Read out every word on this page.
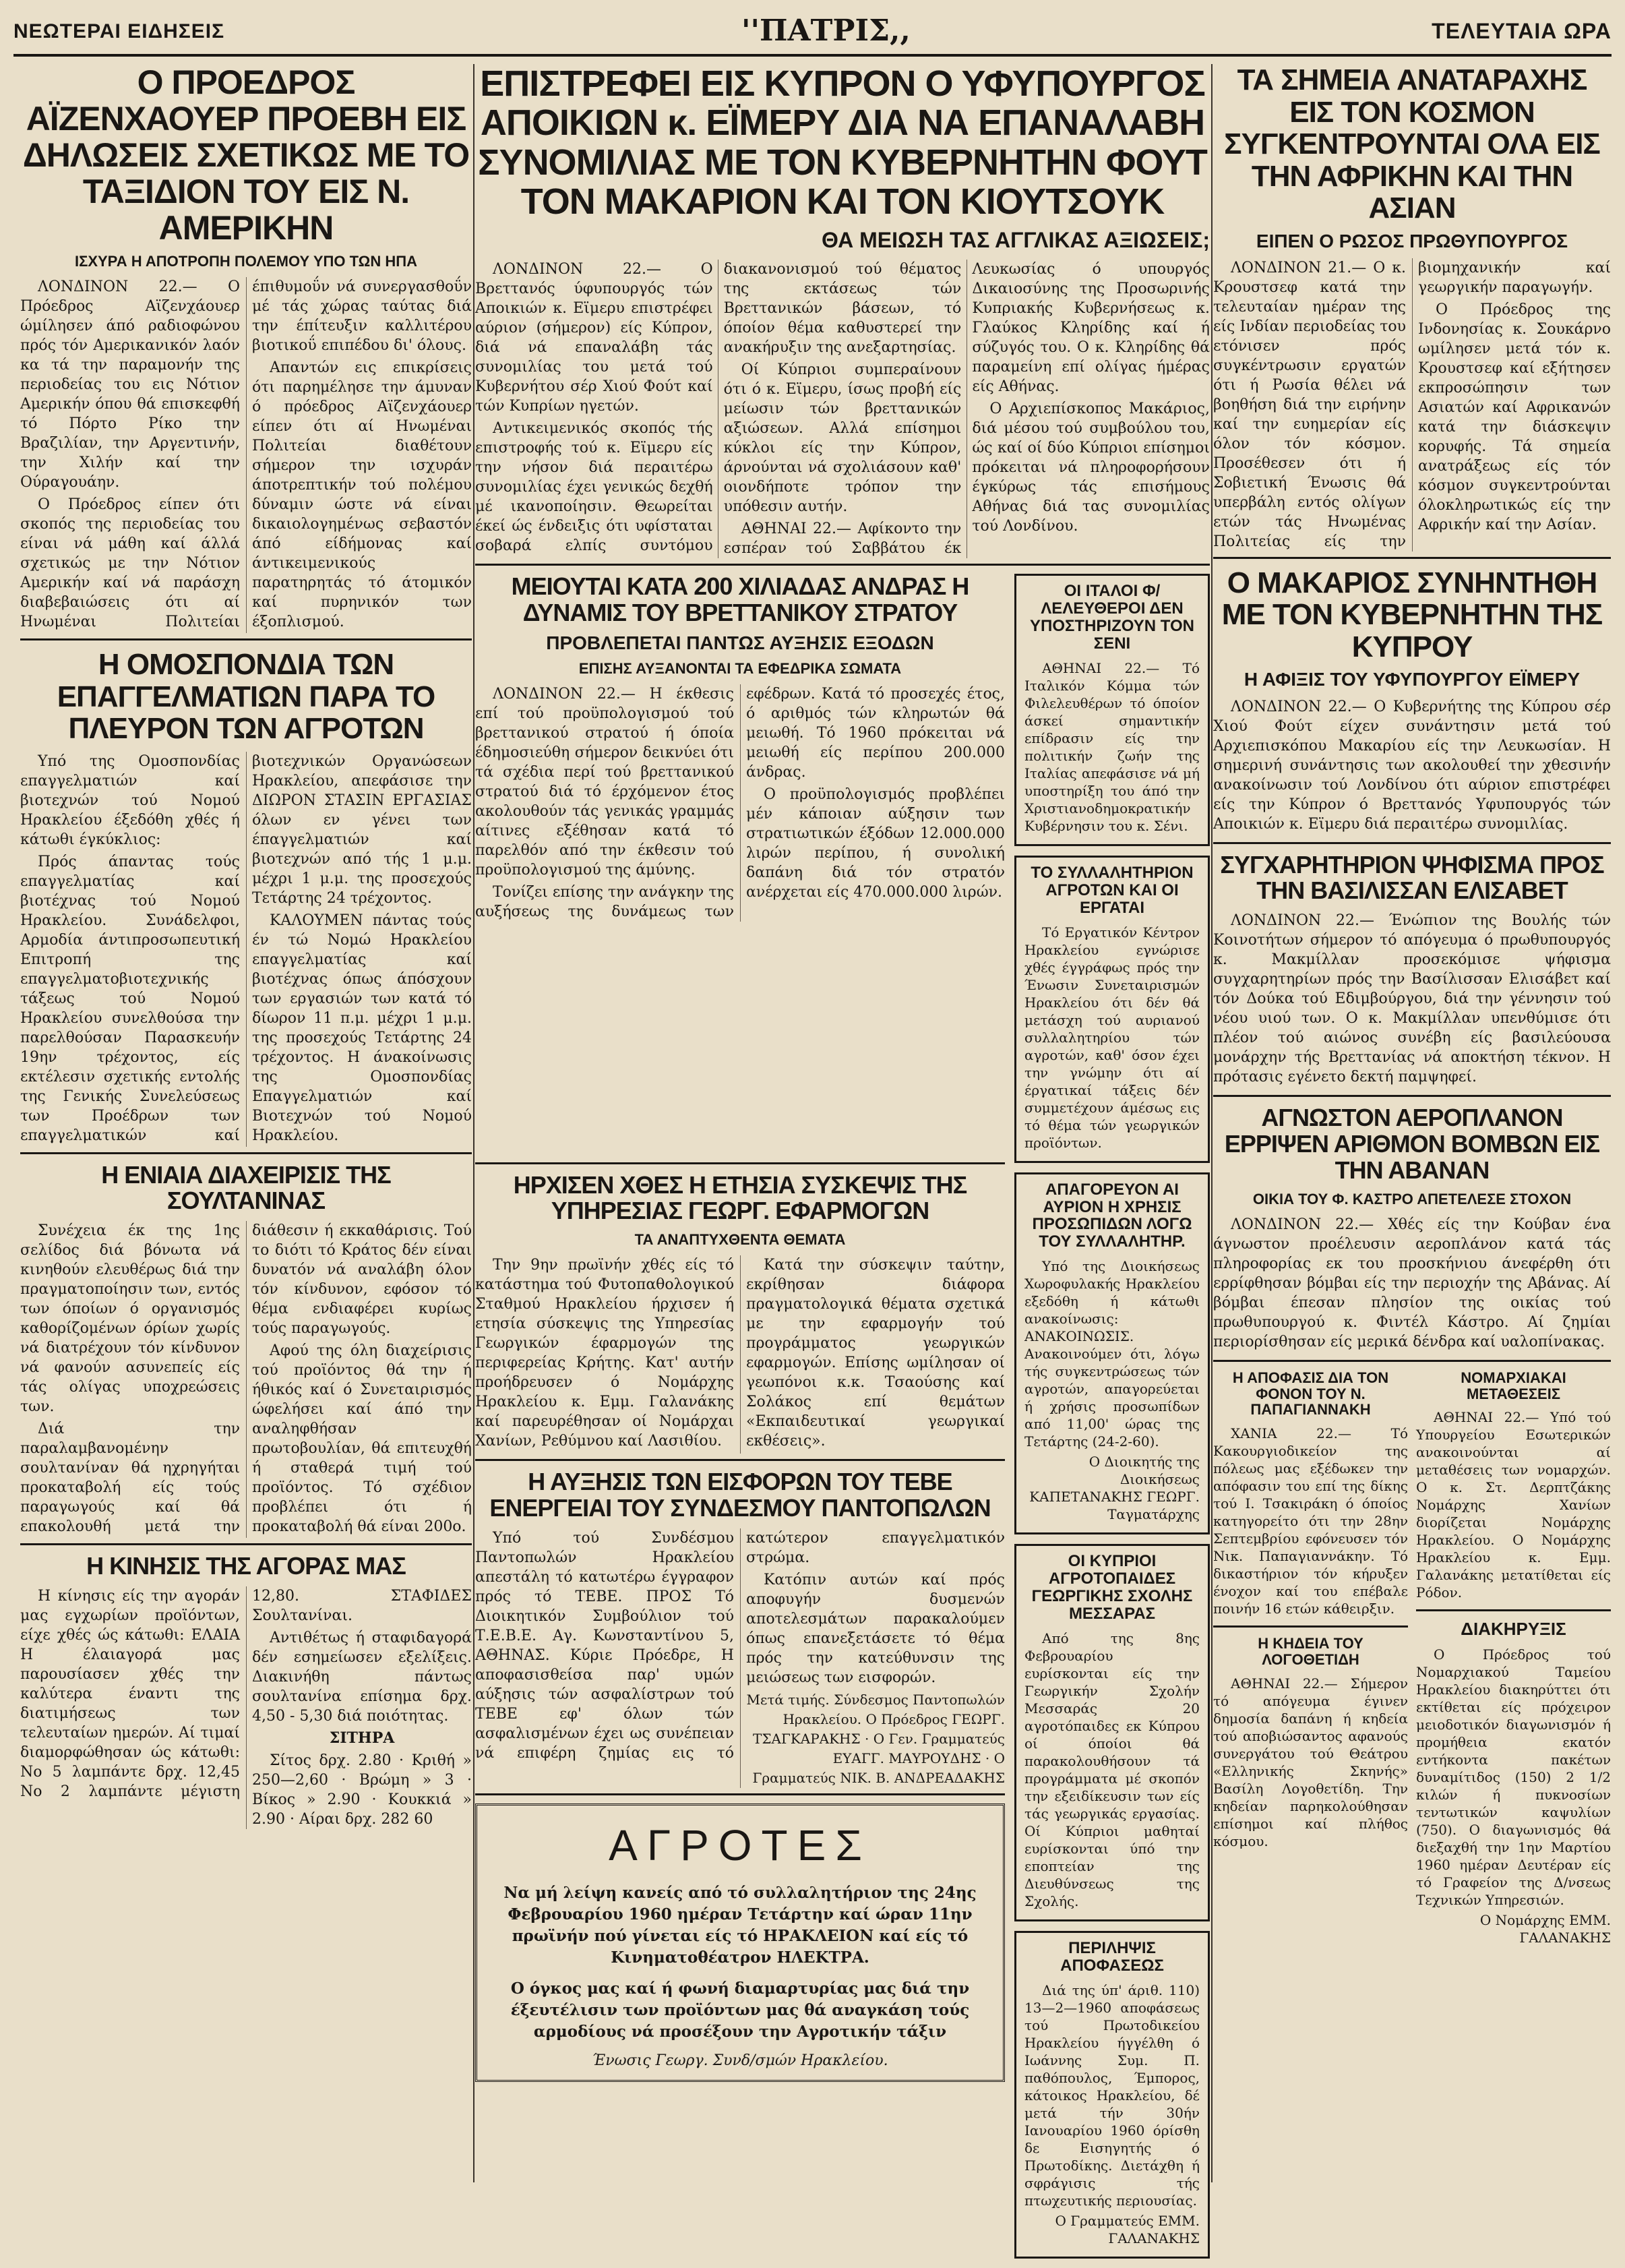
ΝΕΩΤΕΡΑΙ ΕΙΔΗΣΕΙΣ	''ΠΑΤΡΙΣ,,	ΤΕΛΕΥΤΑΙΑ ΩΡΑ
Ο ΠΡΟΕΔΡΟΣ ΑΪΖΕΝΧΑΟΥΕΡ ΠΡΟΕΒΗ ΕΙΣ ΔΗΛΩΣΕΙΣ ΣΧΕΤΙΚΩΣ ΜΕ ΤΟ ΤΑΞΙΔΙΟΝ ΤΟΥ ΕΙΣ Ν. ΑΜΕΡΙΚΗΝ
ΙΣΧΥΡΑ Η ΑΠΟΤΡΟΠΗ ΠΟΛΕΜΟΥ ΥΠΟ ΤΩΝ ΗΠΑ

ΛΟΝΔΙΝΟΝ 22.— Ο Πρόεδρος Αϊζενχάουερ ώμίλησεν άπό ραδιοφώνου πρός τόν Αμερικανικόν λαόν κα τά την παραμονήν της περιοδείας του εις Νότιον Αμερικήν όπου θά επισκεφθή τό Πόρτο Ρίκο την Βραζιλίαν, την Αργεντινήν, την Χιλήν καί την Ούραγουάην.

Ο Πρόεδρος είπεν ότι σκοπός της περιοδείας του είναι νά μάθη καί άλλά σχετικώς με την Νότιον Αμερικήν καί νά παράσχη διαβεβαιώσεις ότι αί Ηνωμέναι Πολιτείαι έπιθυμοΰν νά συνεργασθοΰν μέ τάς χώρας ταύτας διά την έπίτευξιν καλλιτέρου βιοτικοΰ επιπέδου δι' όλους.

Απαντών εις επικρίσεις ότι παρημέλησε την άμυναν ό πρόεδρος Αϊζενχάουερ είπεν ότι αί Ηνωμέναι Πολιτείαι διαθέτουν σήμερον την ισχυράν άποτρεπτικήν τού πολέμου δύναμιν ώστε νά είναι δικαιολογημένως σεβαστόν άπό είδήμονας καί άντικειμενικούς παρατηρητάς τό άτομικόν καί πυρηνικόν των έξοπλισμού.

Η ΟΜΟΣΠΟΝΔΙΑ ΤΩΝ ΕΠΑΓΓΕΛΜΑΤΙΩΝ ΠΑΡΑ ΤΟ ΠΛΕΥΡΟΝ ΤΩΝ ΑΓΡΟΤΩΝ

Υπό της Ομοσπονδίας επαγγελματιών καί βιοτεχνών τού Νομού Ηρακλείου έξεδόθη χθές ή κάτωθι έγκύκλιος:

Πρός άπαντας τούς επαγγελματίας καί βιοτέχνας τού Νομού Ηρακλείου. Συνάδελφοι, Αρμοδία άντιπροσωπευτική Επιτροπή της επαγγελματοβιοτεχνικής τάξεως τού Νομού Ηρακλείου συνελθούσα την παρελθούσαν Παρασκευήν 19ην τρέχοντος, είς εκτέλεσιν σχετικής εντολής της Γενικής Συνελεύσεως των Προέδρων των επαγγελματικών καί βιοτεχνικών Οργανώσεων Ηρακλείου, απεφάσισε την ΔΙΩΡΟΝ ΣΤΑΣΙΝ ΕΡΓΑΣΙΑΣ όλων εν γένει των έπαγγελματιών καί βιοτεχνών από τής 1 μ.μ. μέχρι 1 μ.μ. της προσεχούς Τετάρτης 24 τρέχοντος.

ΚΑΛΟΥΜΕΝ πάντας τούς έν τώ Νομώ Ηρακλείου επαγγελματίας καί βιοτέχνας όπως άπόσχουν των εργασιών των κατά τό δίωρον 11 π.μ. μέχρι 1 μ.μ. της προσεχούς Τετάρτης 24 τρέχοντος. Η άνακοίνωσις της Ομοσπονδίας Επαγγελματιών καί Βιοτεχνών τού Νομού Ηρακλείου.

Η ΕΝΙΑΙΑ ΔΙΑΧΕΙΡΙΣΙΣ ΤΗΣ ΣΟΥΛΤΑΝΙΝΑΣ

Συνέχεια έκ της 1ης σελίδος διά βόνωτα νά κινηθούν ελευθέρως διά την πραγματοποίησιν των, εντός των όποίων ό οργανισμός καθορίζομένων όρίων χωρίς νά διατρέχουν τόν κίνδυνον νά φανούν ασυνεπείς είς τάς ολίγας υποχρεώσεις των.

Διά την παραλαμβανομένην σουλτανίναν θά ηχρηγήται προκαταβολή είς τούς παραγωγούς καί θά επακολουθή μετά την διάθεσιν ή εκκαθάρισις. Τού το διότι τό Κράτος δέν είναι δυνατόν νά αναλάβη όλον τόν κίνδυνον, εφόσον τό θέμα ενδιαφέρει κυρίως τούς παραγωγούς.

Αφού της όλη διαχείρισις τού προϊόντος θά την ή ήθικός καί ό Συνεταιρισμός ώφελήσει καί άπό την αναληφθήσαν πρωτοβουλίαν, θά επιτευχθή ή σταθερά τιμή τού προϊόντος. Τό σχέδιον προβλέπει ότι ή προκαταβολή θά είναι 200ο.

Η ΚΙΝΗΣΙΣ ΤΗΣ ΑΓΟΡΑΣ ΜΑΣ

Η κίνησις είς την αγοράν μας εγχωρίων προϊόντων, είχε χθές ώς κάτωθι: ΕΛΑΙΑ Η έλαιαγορά μας παρουσίασεν χθές την καλύτερα έναντι της διατιμήσεως των τελευταίων ημερών. Αί τιμαί διαμορφώθησαν ώς κάτωθι: Νο 5 λαμπάντε δρχ. 12,45 Νο 2 λαμπάντε μέγιστη 12,80. ΣΤΑΦΙΔΕΣ Σουλτανίναι.

Αντιθέτως ή σταφιδαγορά δέν εσημείωσεν εξελίξεις. Διακινήθη πάντως σουλτανίνα επίσημα δρχ. 4,50 - 5,30 διά ποιότητας.

ΣΙΤΗΡΑ

Σίτος δρχ. 2.80 · Κριθή » 250—2,60 · Βρώμη » 3 · Βίκος » 2.90 · Κουκκιά » 2.90 · Αίραι δρχ. 282 60

ΕΠΙΣΤΡΕΦΕΙ ΕΙΣ ΚΥΠΡΟΝ Ο ΥΦΥΠΟΥΡΓΟΣ ΑΠΟΙΚΙΩΝ κ. ΕΪΜΕΡΥ ΔΙΑ ΝΑ ΕΠΑΝΑΛΑΒΗ ΣΥΝΟΜΙΛΙΑΣ ΜΕ ΤΟΝ ΚΥΒΕΡΝΗΤΗΝ ΦΟΥΤ ΤΟΝ ΜΑΚΑΡΙΟΝ ΚΑΙ ΤΟΝ ΚΙΟΥΤΣΟΥΚ
ΘΑ ΜΕΙΩΣΗ ΤΑΣ ΑΓΓΛΙΚΑΣ ΑΞΙΩΣΕΙΣ;

ΛΟΝΔΙΝΟΝ 22.— Ο Βρεττανός ύφυπουργός τών Αποικιών κ. Εϊμερυ επιστρέφει αύριον (σήμερον) είς Κύπρον, διά νά επαναλάβη τάς συνομιλίας του μετά τού Κυβερνήτου σέρ Χιού Φούτ καί τών Κυπρίων ηγετών.

Αντικειμενικός σκοπός τής επιστροφής τού κ. Εϊμερυ είς την νήσον διά περαιτέρω συνομιλίας έχει γενικώς δεχθή μέ ικανοποίησιν. Θεωρείται έκεί ώς ένδειξις ότι υφίσταται σοβαρά ελπίς συντόμου διακανονισμού τού θέματος της εκτάσεως τών Βρεττανικών βάσεων, τό όποίον θέμα καθυστερεί την ανακήρυξιν της ανεξαρτησίας.

Οί Κύπριοι συμπεραίνουν ότι ό κ. Εϊμερυ, ίσως προβή είς μείωσιν τών βρεττανικών αξιώσεων. Αλλά επίσημοι κύκλοι είς την Κύπρον, άρνούνται νά σχολιάσουν καθ' οιονδήποτε τρόπον την υπόθεσιν αυτήν.

ΑΘΗΝΑΙ 22.— Αφίκοντο την εσπέραν τού Σαββάτου έκ Λευκωσίας ό υπουργός Δικαιοσύνης της Προσωρινής Κυπριακής Κυβερνήσεως κ. Γλαύκος Κληρίδης καί ή σύζυγός του. Ο κ. Κληρίδης θά παραμείνη επί ολίγας ήμέρας είς Αθήνας.

Ο Αρχιεπίσκοπος Μακάριος, διά μέσου τού συμβούλου του, ώς καί οί δύο Κύπριοι επίσημοι πρόκειται νά πληροφορήσουν έγκύρως τάς επισήμους Αθήνας διά τας συνομιλίας τού Λονδίνου.

ΜΕΙΟΥΤΑΙ ΚΑΤΑ 200 ΧΙΛΙΑΔΑΣ ΑΝΔΡΑΣ Η ΔΥΝΑΜΙΣ ΤΟΥ ΒΡΕΤΤΑΝΙΚΟΥ ΣΤΡΑΤΟΥ
ΠΡΟΒΛΕΠΕΤΑΙ ΠΑΝΤΩΣ ΑΥΞΗΣΙΣ ΕΞΟΔΩΝ
ΕΠΙΣΗΣ ΑΥΞΑΝΟΝΤΑΙ ΤΑ ΕΦΕΔΡΙΚΑ ΣΩΜΑΤΑ

ΛΟΝΔΙΝΟΝ 22.— Η έκθεσις επί τού προϋπολογισμού τού βρεττανικού στρατού ή όποία έδημοσιεύθη σήμερον δεικνύει ότι τά σχέδια περί τού βρεττανικού στρατού διά τό έρχόμενον έτος ακολουθούν τάς γενικάς γραμμάς αίτινες εξέθησαν κατά τό παρελθόν από την έκθεσιν τού προϋπολογισμού της άμύνης.

Τονίζει επίσης την ανάγκην της αυξήσεως της δυνάμεως των εφέδρων. Κατά τό προσεχές έτος, ό αριθμός τών κληρωτών θά μειωθή. Τό 1960 πρόκειται νά μειωθή είς περίπου 200.000 άνδρας.

Ο προϋπολογισμός προβλέπει μέν κάποιαν αύξησιν των στρατιωτικών έξόδων 12.000.000 λιρών περίπου, ή συνολική δαπάνη διά τόν στρατόν ανέρχεται είς 470.000.000 λιρών.

ΟΙ ΙΤΑΛΟΙ Φ/ΛΕΛΕΥΘΕΡΟΙ ΔΕΝ ΥΠΟΣΤΗΡΙΖΟΥΝ ΤΟΝ ΣΕΝΙ

ΑΘΗΝΑΙ 22.— Τό Ιταλικόν Κόμμα τών Φιλελευθέρων τό όποίον άσκεί σημαντικήν επίδρασιν είς την πολιτικήν ζωήν της Ιταλίας απεφάσισε νά μή υποστηρίξη του άπό την Χριστιανοδημοκρατικήν Κυβέρνησιν του κ. Σένι.

ΤΟ ΣΥΛΛΑΛΗΤΗΡΙΟΝ ΑΓΡΟΤΩΝ ΚΑΙ ΟΙ ΕΡΓΑΤΑΙ

Τό Εργατικόν Κέντρον Ηρακλείου εγνώρισε χθές έγγράφως πρός την Ένωσιν Συνεταιρισμών Ηρακλείου ότι δέν θά μετάσχη τού αυριανού συλλαλητηρίου τών αγροτών, καθ' όσον έχει την γνώμην ότι αί έργατικαί τάξεις δέν συμμετέχουν άμέσως εις τό θέμα τών γεωργικών προϊόντων.

ΗΡΧΙΣΕΝ ΧΘΕΣ Η ΕΤΗΣΙΑ ΣΥΣΚΕΨΙΣ ΤΗΣ ΥΠΗΡΕΣΙΑΣ ΓΕΩΡΓ. ΕΦΑΡΜΟΓΩΝ
ΤΑ ΑΝΑΠΤΥΧΘΕΝΤΑ ΘΕΜΑΤΑ

Την 9ην πρωϊνήν χθές είς τό κατάστημα τού Φυτοπαθολογικού Σταθμού Ηρακλείου ήρχισεν ή ετησία σύσκεψις της Υπηρεσίας Γεωργικών έφαρμογών της περιφερείας Κρήτης. Κατ' αυτήν προήδρευσεν ό Νομάρχης Ηρακλείου κ. Εμμ. Γαλανάκης καί παρευρέθησαν οί Νομάρχαι Χανίων, Ρεθύμνου καί Λασιθίου.

Κατά την σύσκεψιν ταύτην, εκρίθησαν διάφορα πραγματολογικά θέματα σχετικά με την εφαρμογήν τού προγράμματος γεωργικών εφαρμογών. Επίσης ωμίλησαν οί γεωπόνοι κ.κ. Τσαούσης καί Σολάκος επί θεμάτων «Εκπαιδευτικαί γεωργικαί εκθέσεις».

Η ΑΥΞΗΣΙΣ ΤΩΝ ΕΙΣΦΟΡΩΝ ΤΟΥ ΤΕΒΕ ΕΝΕΡΓΕΙΑΙ ΤΟΥ ΣΥΝΔΕΣΜΟΥ ΠΑΝΤΟΠΩΛΩΝ

Υπό τού Συνδέσμου Παντοπωλών Ηρακλείου απεστάλη τό κατωτέρω έγγραφον πρός τό ΤΕΒΕ. ΠΡΟΣ Τό Διοικητικόν Συμβούλιον τού Τ.Ε.Β.Ε. Αγ. Κωνσταντίνου 5, ΑΘΗΝΑΣ. Κύριε Πρόεδρε, Η αποφασισθείσα παρ' υμών αύξησις τών ασφαλίστρων τού ΤΕΒΕ εφ' όλων τών ασφαλισμένων έχει ως συνέπειαν νά επιφέρη ζημίας εις τό κατώτερον επαγγελματικόν στρώμα.

Κατόπιν αυτών καί πρός αποφυγήν δυσμενών αποτελεσμάτων παρακαλούμεν όπως επανεξετάσετε τό θέμα πρός την κατεύθυνσιν της μειώσεως των εισφορών.

Μετά τιμής. Σύνδεσμος Παντοπωλών Ηρακλείου. Ο Πρόεδρος ΓΕΩΡΓ. ΤΣΑΓΚΑΡΑΚΗΣ · Ο Γεν. Γραμματεύς ΕΥΑΓΓ. ΜΑΥΡΟΥΔΗΣ · Ο Γραμματεύς ΝΙΚ. Β. ΑΝΔΡΕΑΔΑΚΗΣ

ΑΓΡΟΤΕΣ

Να μή λείψη κανείς από τό συλλαλητήριον της 24ης Φεβρουαρίου 1960 ημέραν Τετάρτην καί ώραν 11ην πρωϊνήν πού γίνεται είς τό ΗΡΑΚΛΕΙΟΝ καί είς τό Κινηματοθέατρον ΗΛΕΚΤΡΑ.

Ο όγκος μας καί ή φωνή διαμαρτυρίας μας διά την έξευτέλισιν των προϊόντων μας θά αναγκάση τούς αρμοδίους νά προσέξουν την Αγροτικήν τάξιν

Ένωσις Γεωργ. Συνδ/σμών Ηρακλείου.
ΑΠΑΓΟΡΕΥΟΝ ΑΙ ΑΥΡΙΟΝ Η ΧΡΗΣΙΣ ΠΡΟΣΩΠΙΔΩΝ ΛΟΓΩ ΤΟΥ ΣΥΛΛΑΛΗΤΗΡ.

Υπό της Διοικήσεως Χωροφυλακής Ηρακλείου εξεδόθη ή κάτωθι ανακοίνωσις: ΑΝΑΚΟΙΝΩΣΙΣ. Ανακοινούμεν ότι, λόγω τής συγκεντρώσεως τών αγροτών, απαγορεύεται ή χρήσις προσωπίδων από 11,00' ώρας της Τετάρτης (24-2-60).

Ο Διοικητής της Διοικήσεως ΚΑΠΕΤΑΝΑΚΗΣ ΓΕΩΡΓ. Ταγματάρχης

ΟΙ ΚΥΠΡΙΟΙ ΑΓΡΟΤΟΠΑΙΔΕΣ ΓΕΩΡΓΙΚΗΣ ΣΧΟΛΗΣ ΜΕΣΣΑΡΑΣ

Από της 8ης Φεβρουαρίου ευρίσκονται είς την Γεωργικήν Σχολήν Μεσσαράς 20 αγροτόπαιδες εκ Κύπρου οί όποίοι θά παρακολουθήσουν τά προγράμματα μέ σκοπόν την εξειδίκευσιν των είς τάς γεωργικάς εργασίας. Οί Κύπριοι μαθηταί ευρίσκονται ύπό την εποπτείαν της Διευθύνσεως της Σχολής.

ΠΕΡΙΛΗΨΙΣ ΑΠΟΦΑΣΕΩΣ

Διά της ύπ' άριθ. 110) 13—2—1960 αποφάσεως τού Πρωτοδικείου Ηρακλείου ήγγέλθη ό Ιωάννης Συμ. Π. παθόπουλος, Έμπορος, κάτοικος Ηρακλείου, δέ μετά τήν 30ήν Ιανουαρίου 1960 όρίσθη δε Εισηγητής ό Πρωτοδίκης. Διετάχθη ή σφράγισις τής πτωχευτικής περιουσίας.

Ο Γραμματεύς ΕΜΜ. ΓΑΛΑΝΑΚΗΣ

ΤΑ ΣΗΜΕΙΑ ΑΝΑΤΑΡΑΧΗΣ ΕΙΣ ΤΟΝ ΚΟΣΜΟΝ ΣΥΓΚΕΝΤΡΟΥΝΤΑΙ ΟΛΑ ΕΙΣ ΤΗΝ ΑΦΡΙΚΗΝ ΚΑΙ ΤΗΝ ΑΣΙΑΝ
ΕΙΠΕΝ Ο ΡΩΣΟΣ ΠΡΩΘΥΠΟΥΡΓΟΣ

ΛΟΝΔΙΝΟΝ 21.— Ο κ. Κρουστσεφ κατά την τελευταίαν ημέραν της είς Ινδίαν περιοδείας του ετόνισεν πρός συγκέντρωσιν εργατών ότι ή Ρωσία θέλει νά βοηθήση διά την ειρήνην καί την ευημερίαν είς όλον τόν κόσμον. Προσέθεσεν ότι ή Σοβιετική Ένωσις θά υπερβάλη εντός ολίγων ετών τάς Ηνωμένας Πολιτείας είς την βιομηχανικήν καί γεωργικήν παραγωγήν.

Ο Πρόεδρος της Ινδονησίας κ. Σουκάρνο ωμίλησεν μετά τόν κ. Κρουστσεφ καί εξήτησεν εκπροσώπησιν των Ασιατών καί Αφρικανών κατά την διάσκεψιν κορυφής. Τά σημεία ανατράξεως είς τόν κόσμον συγκεντρούνται όλοκληρωτικώς είς την Αφρικήν καί την Ασίαν.

Ο ΜΑΚΑΡΙΟΣ ΣΥΝΗΝΤΗΘΗ ΜΕ ΤΟΝ ΚΥΒΕΡΝΗΤΗΝ ΤΗΣ ΚΥΠΡΟΥ
Η ΑΦΙΞΙΣ ΤΟΥ ΥΦΥΠΟΥΡΓΟΥ ΕΪΜΕΡΥ

ΛΟΝΔΙΝΟΝ 22.— Ο Κυβερνήτης της Κύπρου σέρ Χιού Φούτ είχεν συνάντησιν μετά τού Αρχιεπισκόπου Μακαρίου είς την Λευκωσίαν. Η σημερινή συνάντησις των ακολουθεί την χθεσινήν ανακοίνωσιν τού Λονδίνου ότι αύριον επιστρέφει είς την Κύπρον ό Βρεττανός Υφυπουργός τών Αποικιών κ. Εϊμερυ διά περαιτέρω συνομιλίας.

ΣΥΓΧΑΡΗΤΗΡΙΟΝ ΨΗΦΙΣΜΑ ΠΡΟΣ ΤΗΝ ΒΑΣΙΛΙΣΣΑΝ ΕΛΙΣΑΒΕΤ

ΛΟΝΔΙΝΟΝ 22.— Ένώπιον της Βουλής τών Κοινοτήτων σήμερον τό απόγευμα ό πρωθυπουργός κ. Μακμίλλαν προσεκόμισε ψήφισμα συγχαρητηρίων πρός την Βασίλισσαν Ελισάβετ καί τόν Δούκα τού Εδιμβούργου, διά την γέννησιν τού νέου υιού των. Ο κ. Μακμίλλαν υπενθύμισε ότι πλέον τού αιώνος συνέβη είς βασιλεύουσα μονάρχην τής Βρεττανίας νά αποκτήση τέκνον. Η πρότασις εγένετο δεκτή παμψηφεί.

ΑΓΝΩΣΤΟΝ ΑΕΡΟΠΛΑΝΟΝ ΕΡΡΙΨΕΝ ΑΡΙΘΜΟΝ ΒΟΜΒΩΝ ΕΙΣ ΤΗΝ ΑΒΑΝΑΝ
ΟΙΚΙΑ ΤΟΥ Φ. ΚΑΣΤΡΟ ΑΠΕΤΕΛΕΣΕ ΣΤΟΧΟΝ

ΛΟΝΔΙΝΟΝ 22.— Χθές είς την Κούβαν ένα άγνωστον προέλευσιν αεροπλάνον κατά τάς πληροφορίας εκ του προσκήνιου άνεφέρθη ότι ερρίφθησαν βόμβαι είς την περιοχήν της Αβάνας. Αί βόμβαι έπεσαν πλησίον της οικίας τού πρωθυπουργού κ. Φιντέλ Κάστρο. Αί ζημίαι περιορίσθησαν είς μερικά δένδρα καί υαλοπίνακας.

Η ΑΠΟΦΑΣΙΣ ΔΙΑ ΤΟΝ ΦΟΝΟΝ ΤΟΥ Ν. ΠΑΠΑΓΙΑΝΝΑΚΗ

ΧΑΝΙΑ 22.— Τό Κακουργιοδικείον της πόλεως μας εξέδωκεν την απόφασιν του επί της δίκης τού Ι. Τσακιράκη ό όποίος κατηγορείτο ότι την 28ην Σεπτεμβρίου εφόνευσεν τόν Νικ. Παπαγιαννάκην. Τό δικαστήριον τόν κήρυξεν ένοχον καί του επέβαλε ποινήν 16 ετών κάθειρξιν.

Η ΚΗΔΕΙΑ ΤΟΥ ΛΟΓΟΘΕΤΙΔΗ

ΑΘΗΝΑΙ 22.— Σήμερον τό απόγευμα έγινεν δημοσία δαπάνη ή κηδεία τού αποβιώσαντος αφανούς συνεργάτου τού Θεάτρου «Ελληνικής Σκηνής» Βασίλη Λογοθετίδη. Την κηδείαν παρηκολούθησαν επίσημοι καί πλήθος κόσμου.

ΝΟΜΑΡΧΙΑΚΑΙ ΜΕΤΑΘΕΣΕΙΣ

ΑΘΗΝΑΙ 22.— Υπό τού Υπουργείου Εσωτερικών ανακοινούνται αί μεταθέσεις των νομαρχών. Ο κ. Στ. Δερπτζάκης Νομάρχης Χανίων διορίζεται Νομάρχης Ηρακλείου. Ο Νομάρχης Ηρακλείου κ. Εμμ. Γαλανάκης μετατίθεται είς Ρόδον.

ΔΙΑΚΗΡΥΞΙΣ

Ο Πρόεδρος τού Νομαρχιακού Ταμείου Ηρακλείου διακηρύττει ότι εκτίθεται είς πρόχειρον μειοδοτικόν διαγωνισμόν ή προμήθεια εκατόν εντήκοντα πακέτων δυναμίτιδος (150) 2 1/2 κιλών ή πυκνοσίων τεντωτικών καψυλίων (750). Ο διαγωνισμός θά διεξαχθή την 1ην Μαρτίου 1960 ημέραν Δευτέραν είς τό Γραφείον της Δ/νσεως Τεχνικών Υπηρεσιών.

Ο Νομάρχης ΕΜΜ. ΓΑΛΑΝΑΚΗΣ
